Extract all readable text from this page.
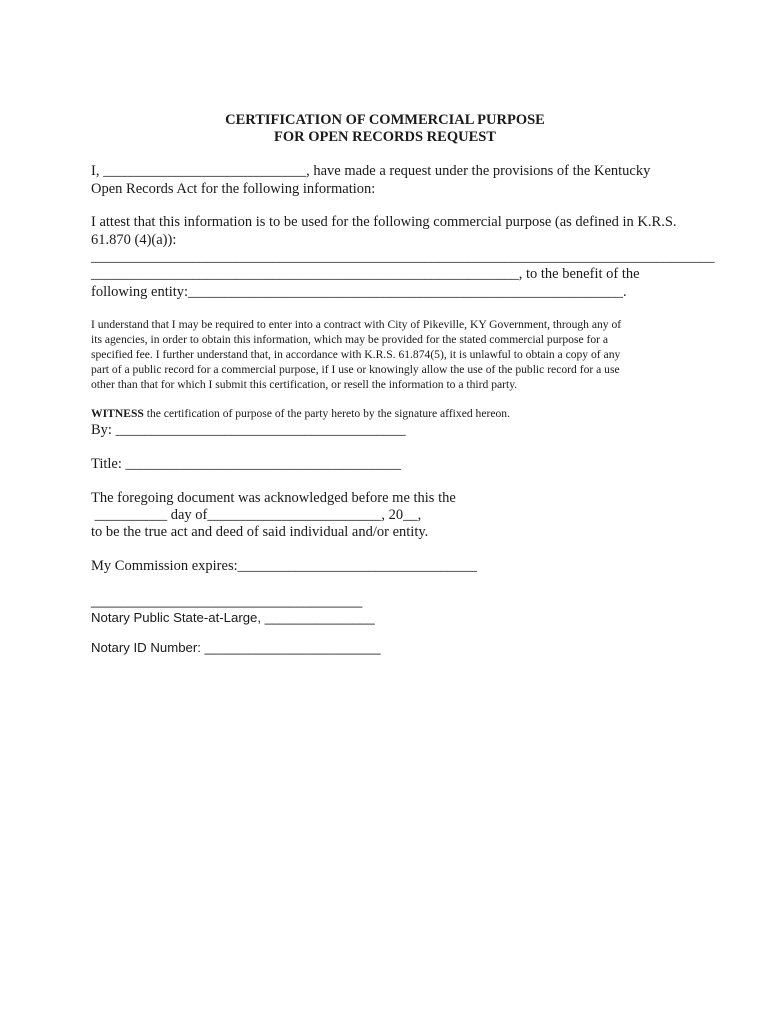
CERTIFICATION OF COMMERCIAL PURPOSE
FOR OPEN RECORDS REQUEST
I, ____________________________, have made a request under the provisions of the Kentucky
Open Records Act for the following information:
I attest that this information is to be used for the following commercial purpose (as defined in K.R.S.
61.870 (4)(a)):
______________________________________________________________________________________
___________________________________________________________, to the benefit of the
following entity:____________________________________________________________.
I understand that I may be required to enter into a contract with City of Pikeville, KY Government, through any of
its agencies, in order to obtain this information, which may be provided for the stated commercial purpose for a
specified fee. I further understand that, in accordance with K.R.S. 61.874(5), it is unlawful to obtain a copy of any
part of a public record for a commercial purpose, if I use or knowingly allow the use of the public record for a use
other than that for which I submit this certification, or resell the information to a third party.
WITNESS the certification of purpose of the party hereto by the signature affixed hereon.
By: ________________________________________
Title: ______________________________________
The foregoing document was acknowledged before me this the
__________ day of________________________, 20__,
to be the true act and deed of said individual and/or entity.
My Commission expires:_________________________________
_____________________________________
Notary Public State-at-Large, _______________
Notary ID Number: ________________________
